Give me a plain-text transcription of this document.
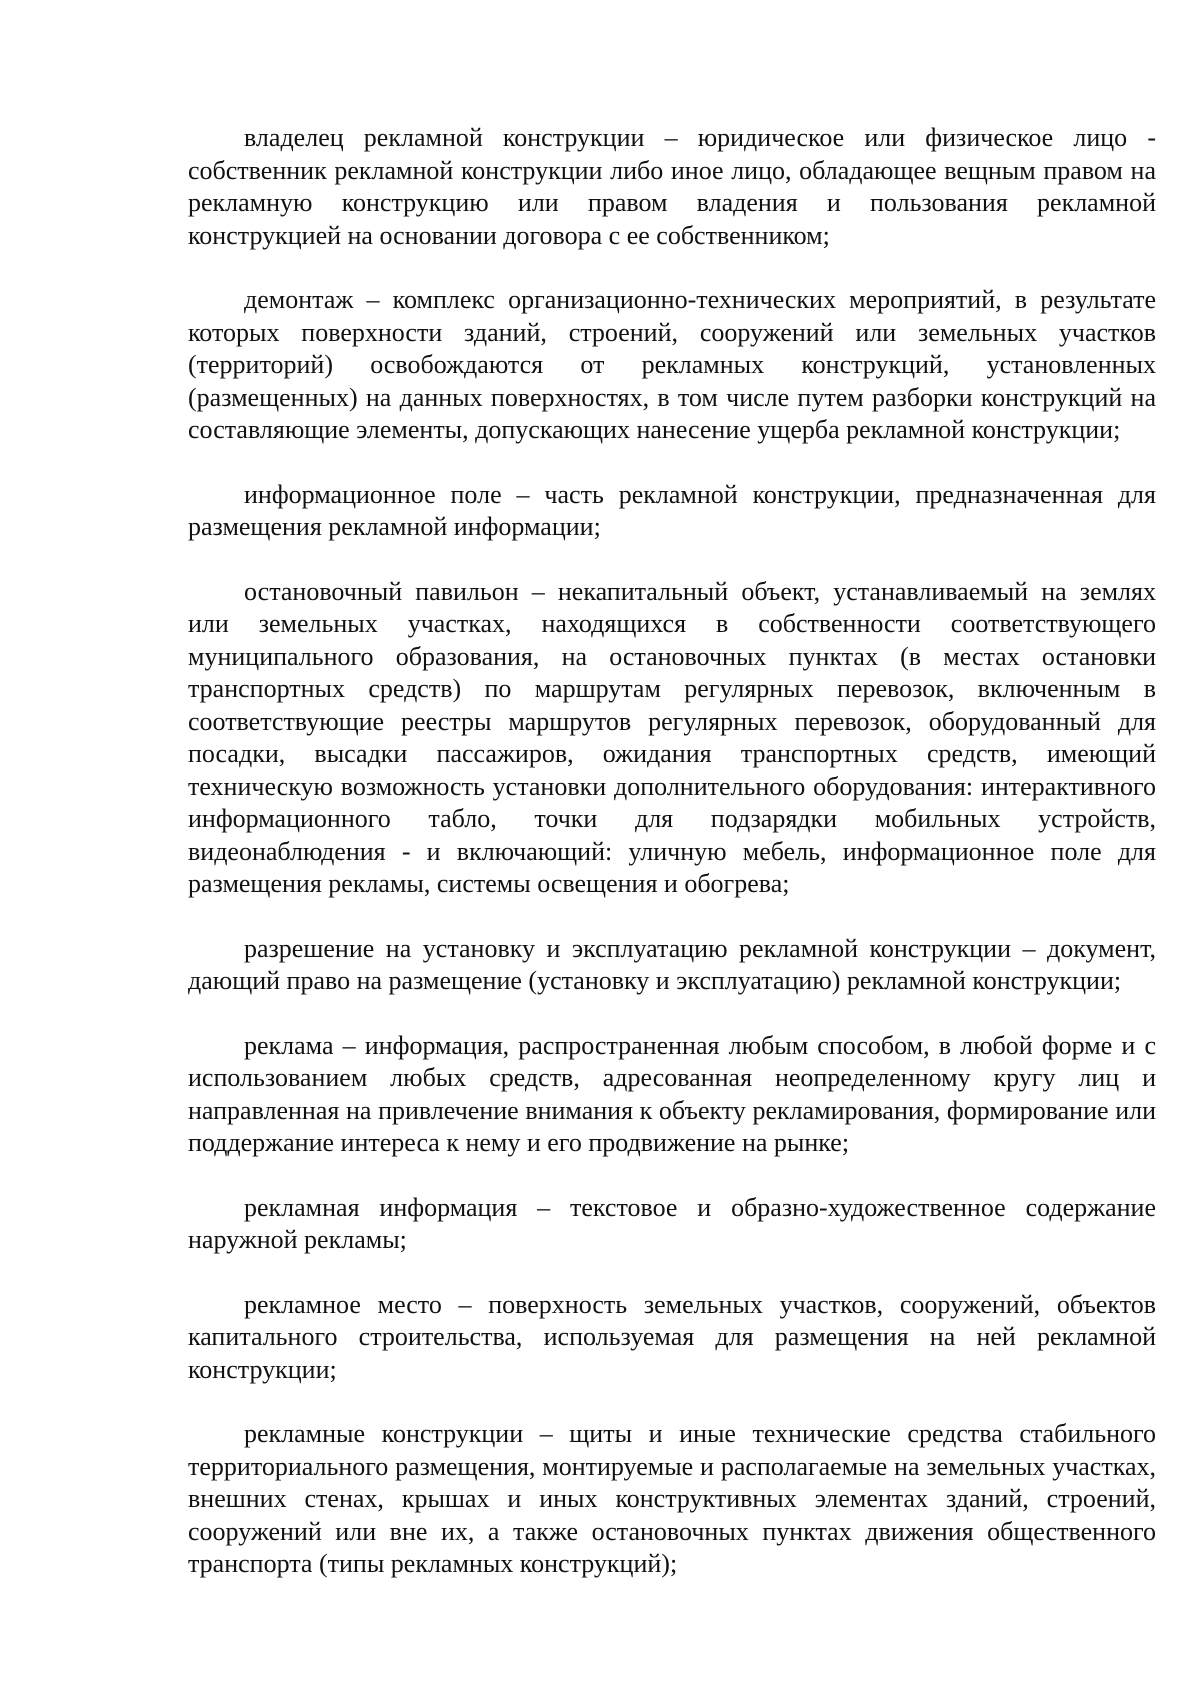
владелец рекламной конструкции – юридическое или физическое лицо - собственник рекламной конструкции либо иное лицо, обладающее вещным правом на рекламную конструкцию или правом владения и пользования рекламной конструкцией на основании договора с ее собственником;

демонтаж – комплекс организационно-технических мероприятий, в результате которых поверхности зданий, строений, сооружений или земельных участков (территорий) освобождаются от рекламных конструкций, установленных (размещенных) на данных поверхностях, в том числе путем разборки конструкций на составляющие элементы, допускающих нанесение ущерба рекламной конструкции;

информационное поле – часть рекламной конструкции, предназначенная для размещения рекламной информации;

остановочный павильон – некапитальный объект, устанавливаемый на землях или земельных участках, находящихся в собственности соответствующего муниципального образования, на остановочных пунктах (в местах остановки транспортных средств) по маршрутам регулярных перевозок, включенным в соответствующие реестры маршрутов регулярных перевозок, оборудованный для посадки, высадки пассажиров, ожидания транспортных средств, имеющий техническую возможность установки дополнительного оборудования: интерактивного информационного табло, точки для подзарядки мобильных устройств, видеонаблюдения - и включающий: уличную мебель, информационное поле для размещения рекламы, системы освещения и обогрева;

разрешение на установку и эксплуатацию рекламной конструкции – документ, дающий право на размещение (установку и эксплуатацию) рекламной конструкции;

реклама – информация, распространенная любым способом, в любой форме и с использованием любых средств, адресованная неопределенному кругу лиц и направленная на привлечение внимания к объекту рекламирования, формирование или поддержание интереса к нему и его продвижение на рынке;

рекламная информация – текстовое и образно-художественное содержание наружной рекламы;

рекламное место – поверхность земельных участков, сооружений, объектов капитального строительства, используемая для размещения на ней рекламной конструкции;

рекламные конструкции – щиты и иные технические средства стабильного территориального размещения, монтируемые и располагаемые на земельных участках, внешних стенах, крышах и иных конструктивных элементах зданий, строений, сооружений или вне их, а также остановочных пунктах движения общественного транспорта (типы рекламных конструкций);
